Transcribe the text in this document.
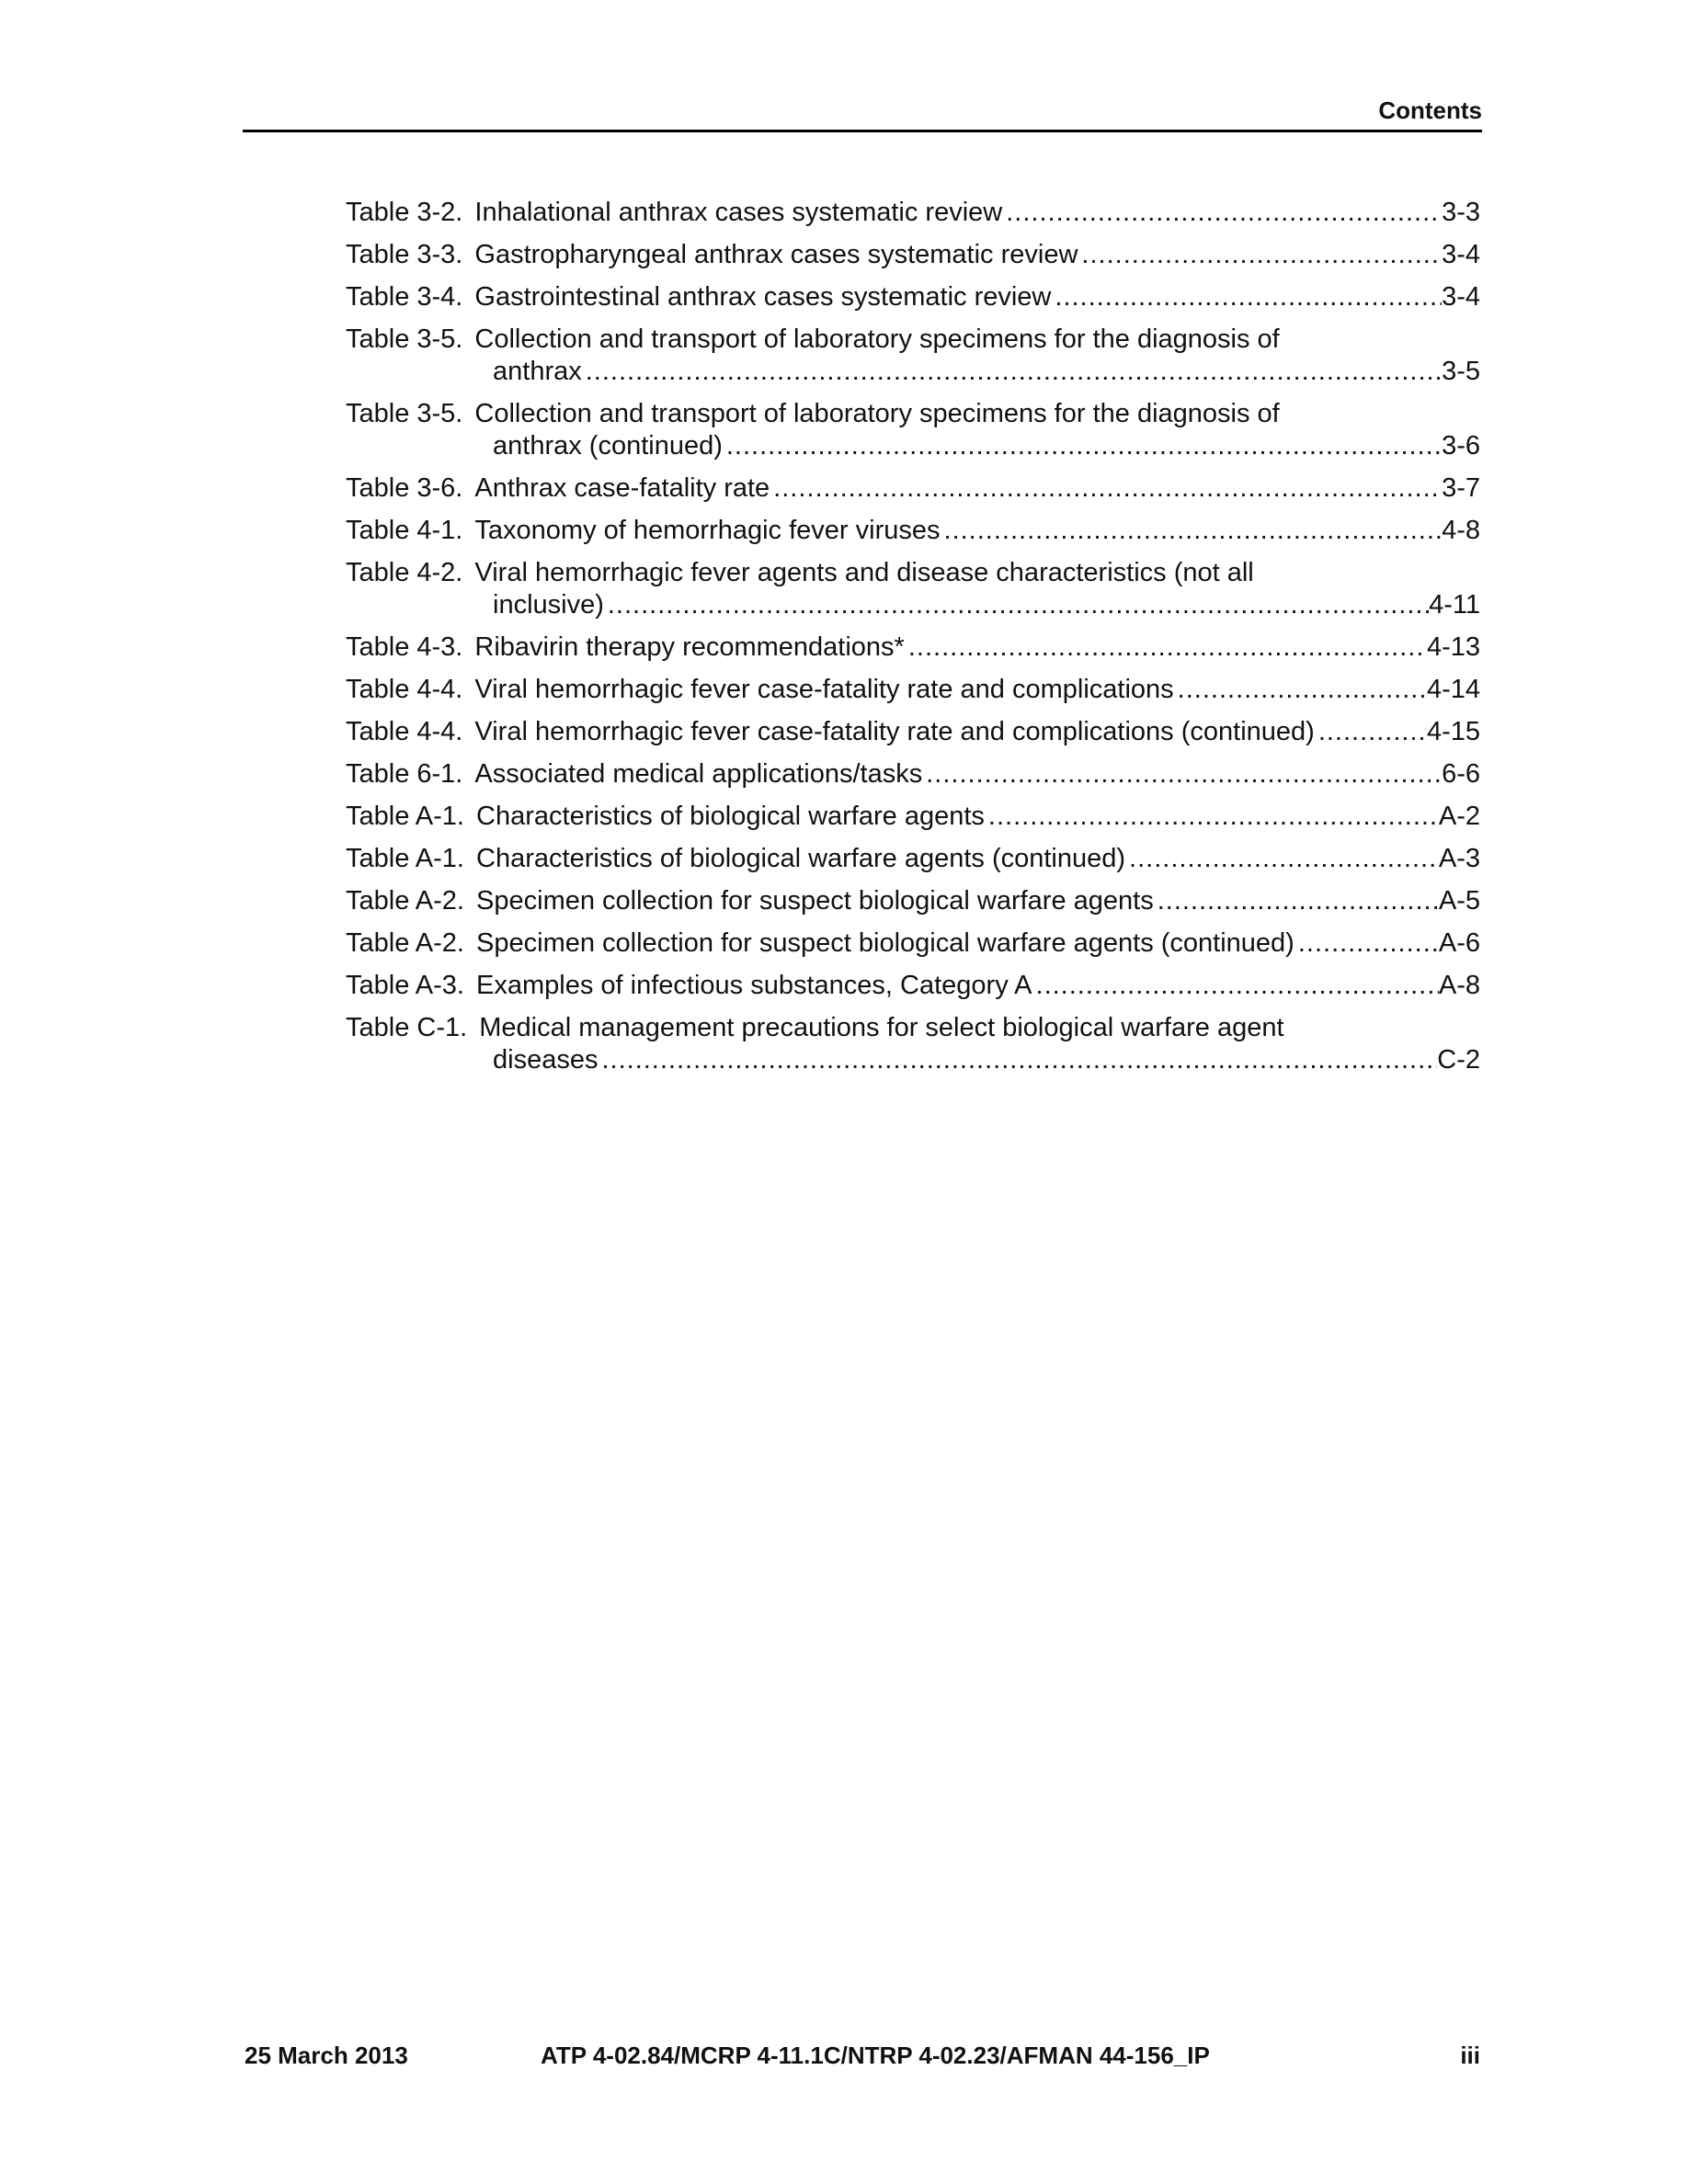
Contents
Table 3-2. Inhalational anthrax cases systematic review .....	3-3
Table 3-3. Gastropharyngeal anthrax cases systematic review .....	3-4
Table 3-4. Gastrointestinal anthrax cases systematic review .....	3-4
Table 3-5. Collection and transport of laboratory specimens for the diagnosis of
anthrax .....	3-5
Table 3-5. Collection and transport of laboratory specimens for the diagnosis of
anthrax (continued) .....	3-6
Table 3-6. Anthrax case-fatality rate .....	3-7
Table 4-1. Taxonomy of hemorrhagic fever viruses .....	4-8
Table 4-2. Viral hemorrhagic fever agents and disease characteristics (not all
inclusive) .....	4-11
Table 4-3. Ribavirin therapy recommendations* .....	4-13
Table 4-4. Viral hemorrhagic fever case-fatality rate and complications .....	4-14
Table 4-4. Viral hemorrhagic fever case-fatality rate and complications (continued) .....	4-15
Table 6-1. Associated medical applications/tasks .....	6-6
Table A-1. Characteristics of biological warfare agents .....	A-2
Table A-1. Characteristics of biological warfare agents (continued) .....	A-3
Table A-2. Specimen collection for suspect biological warfare agents .....	A-5
Table A-2. Specimen collection for suspect biological warfare agents (continued) .....	A-6
Table A-3. Examples of infectious substances, Category A .....	A-8
Table C-1. Medical management precautions for select biological warfare agent
diseases .....	C-2
25 March 2013	ATP 4-02.84/MCRP 4-11.1C/NTRP 4-02.23/AFMAN 44-156_IP	iii
